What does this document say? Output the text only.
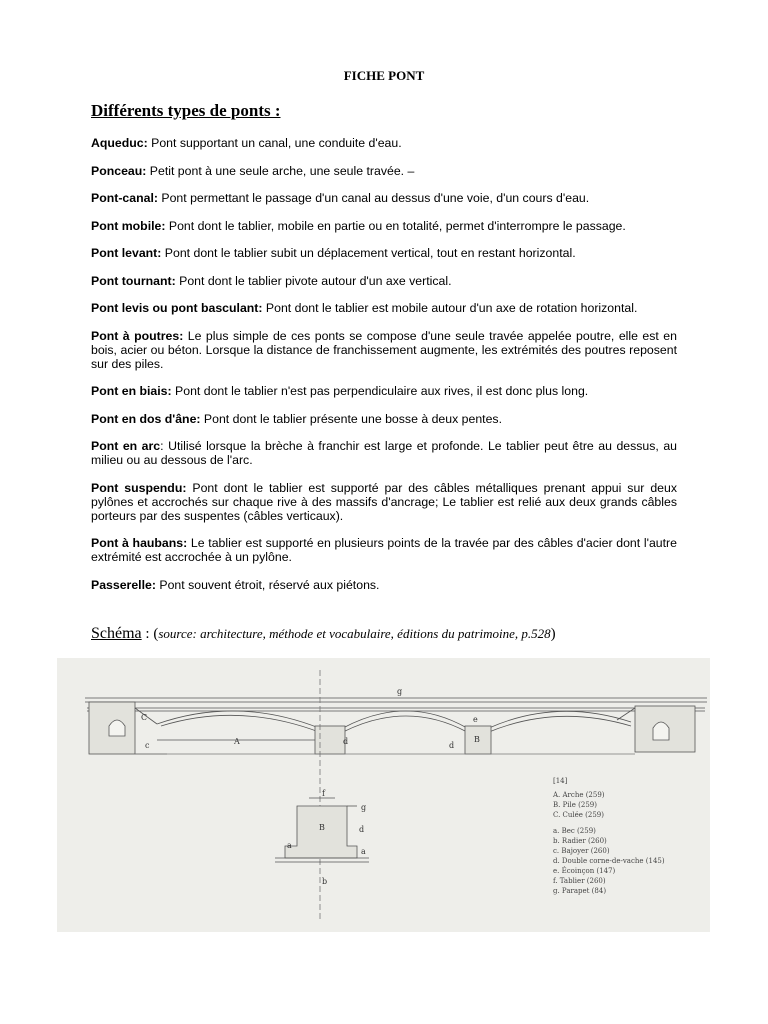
FICHE PONT
Différents types de ponts :

Aqueduc: Pont supportant un canal, une conduite d'eau.

Ponceau: Petit pont à une seule arche, une seule travée. –

Pont-canal: Pont permettant le passage d'un canal au dessus d'une voie, d'un cours d'eau.

Pont mobile: Pont dont le tablier, mobile en partie ou en totalité, permet d'interrompre le passage.

Pont levant: Pont dont le tablier subit un déplacement vertical, tout en restant horizontal.

Pont tournant: Pont dont le tablier pivote autour d'un axe vertical.

Pont levis ou pont basculant: Pont dont le tablier est mobile autour d'un axe de rotation horizontal.

Pont à poutres: Le plus simple de ces ponts se compose d'une seule travée appelée poutre, elle est en bois, acier ou béton. Lorsque la distance de franchissement augmente, les extrémités des poutres reposent sur des piles.

Pont en biais: Pont dont le tablier n'est pas perpendiculaire aux rives, il est donc plus long.

Pont en dos d'âne: Pont dont le tablier présente une bosse à deux pentes.

Pont en arc: Utilisé lorsque la brèche à franchir est large et profonde. Le tablier peut être au dessus, au milieu ou au dessous de l'arc.

Pont suspendu: Pont dont le tablier est supporté par des câbles métalliques prenant appui sur deux pylônes et accrochés sur chaque rive à des massifs d'ancrage; Le tablier est relié aux deux grands câbles porteurs par des suspentes (câbles verticaux).

Pont à haubans: Le tablier est supporté en plusieurs points de la travée par des câbles d'acier dont l'autre extrémité est accrochée à un pylône.

Passerelle: Pont souvent étroit, réservé aux piétons.

Schéma : (source: architecture, méthode et vocabulaire, éditions du patrimoine, p.528)
C
c	A	d	d
e
B
g
f
g
B	d
a
a
b
[14]
A. Arche (259)
B. Pile (259)
C. Culée (259)
a. Bec (259)
b. Radier (260)
c. Bajoyer (260)
d. Double corne-de-vache (145)
e. Écoinçon (147)
f. Tablier (260)
g. Parapet (84)
